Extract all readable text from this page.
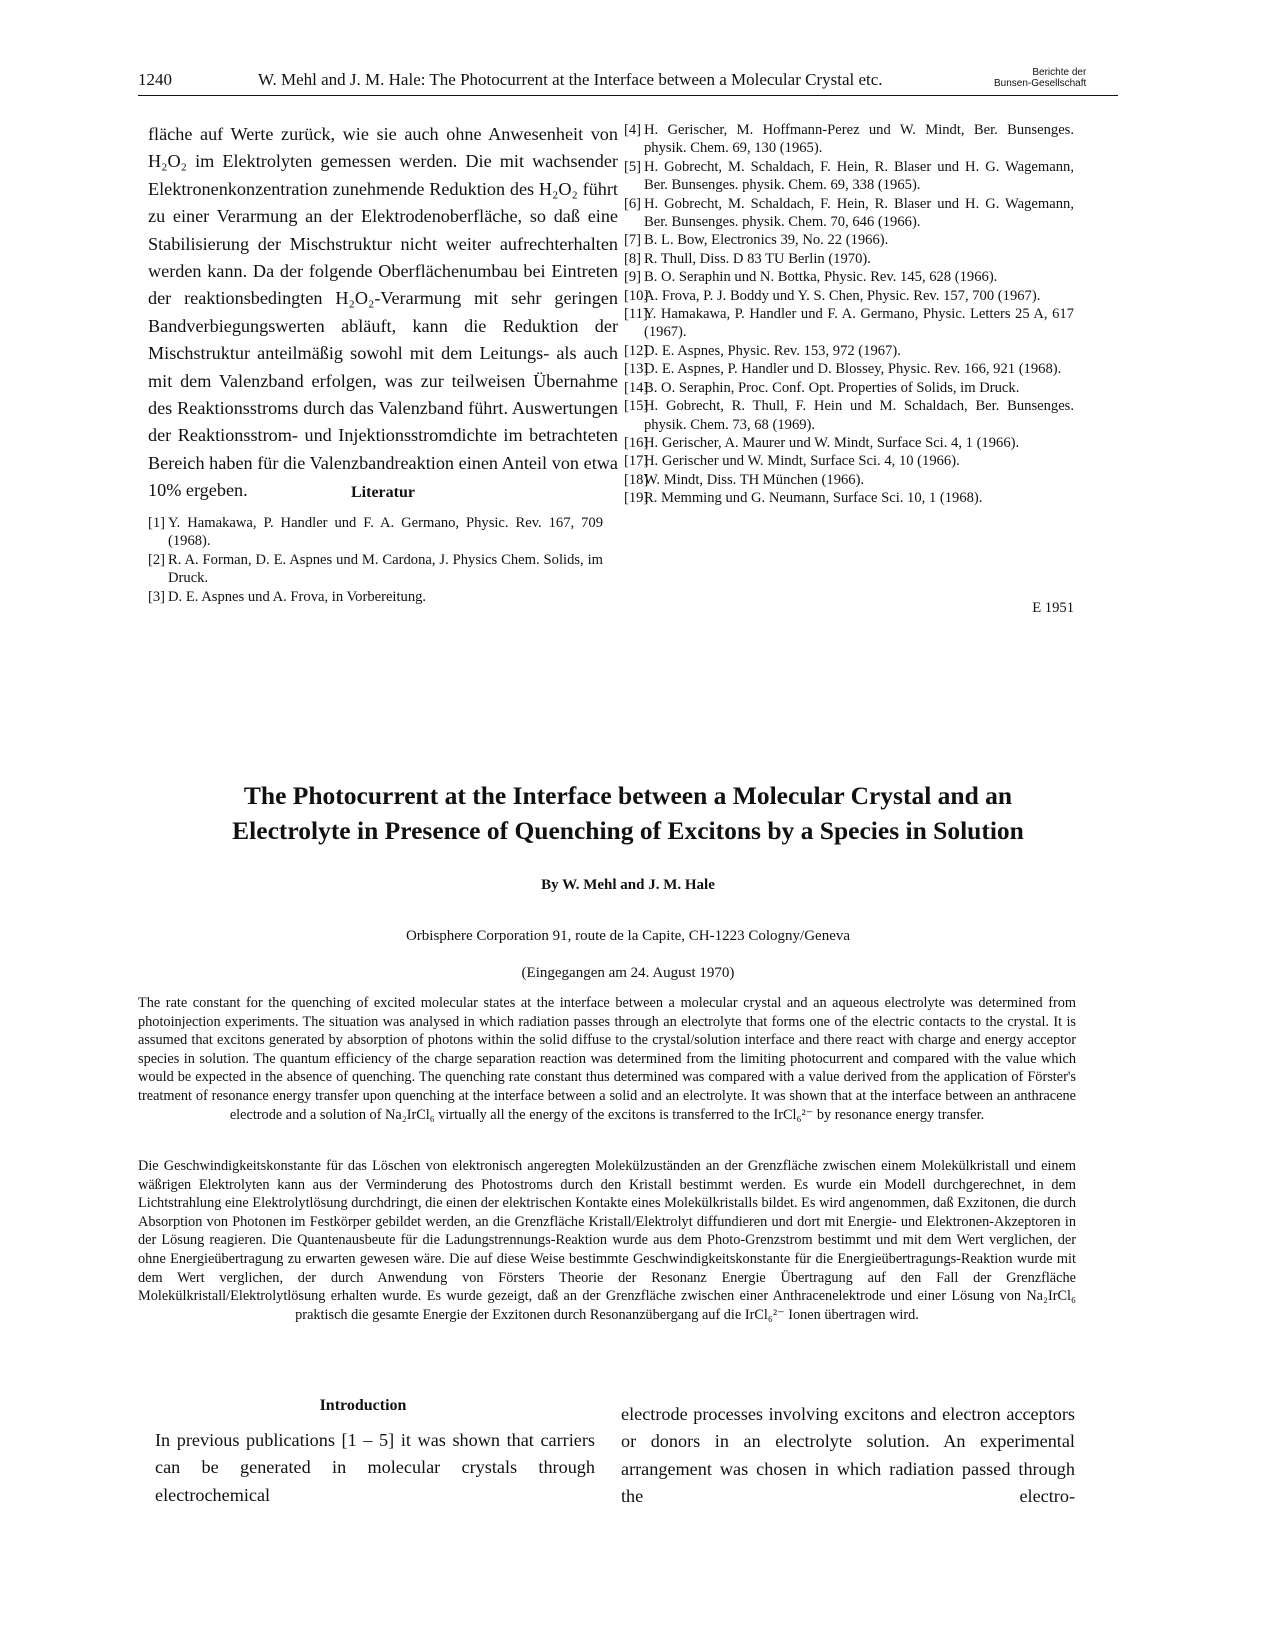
1240	W. Mehl and J. M. Hale: The Photocurrent at the Interface between a Molecular Crystal etc.	Berichte der
Bunsen-Gesellschaft

fläche auf Werte zurück, wie sie auch ohne Anwesenheit von H₂O₂ im Elektrolyten gemessen werden. Die mit wachsender Elektronenkonzentration zunehmende Reduktion des H₂O₂ führt zu einer Verarmung an der Elektrodenoberfläche, so daß eine Stabilisierung der Mischstruktur nicht weiter aufrechterhalten werden kann. Da der folgende Oberflächenumbau bei Eintreten der reaktionsbedingten H₂O₂-Verarmung mit sehr geringen Bandverbiegungswerten abläuft, kann die Reduktion der Mischstruktur anteilmäßig sowohl mit dem Leitungs- als auch mit dem Valenzband erfolgen, was zur teilweisen Übernahme des Reaktionsstroms durch das Valenzband führt. Auswertungen der Reaktionsstrom- und Injektionsstromdichte im betrachteten Bereich haben für die Valenzbandreaktion einen Anteil von etwa 10% ergeben.	Literatur
[1] Y. Hamakawa, P. Handler und F. A. Germano, Physic. Rev. 167, 709 (1968).
[2] R. A. Forman, D. E. Aspnes und M. Cardona, J. Physics Chem. Solids, im Druck.
[3] D. E. Aspnes und A. Frova, in Vorbereitung.
[4] H. Gerischer, M. Hoffmann-Perez und W. Mindt, Ber. Bunsenges. physik. Chem. 69, 130 (1965).
[5] H. Gobrecht, M. Schaldach, F. Hein, R. Blaser und H. G. Wagemann, Ber. Bunsenges. physik. Chem. 69, 338 (1965).
[6] H. Gobrecht, M. Schaldach, F. Hein, R. Blaser und H. G. Wagemann, Ber. Bunsenges. physik. Chem. 70, 646 (1966).
[7] B. L. Bow, Electronics 39, No. 22 (1966).
[8] R. Thull, Diss. D 83 TU Berlin (1970).
[9] B. O. Seraphin und N. Bottka, Physic. Rev. 145, 628 (1966).
[10]
A. Frova, P. J. Boddy und Y. S. Chen, Physic. Rev. 157, 700 (1967).
[11]
Y. Hamakawa, P. Handler und F. A. Germano, Physic. Letters 25 A, 617 (1967).
[12]
D. E. Aspnes, Physic. Rev. 153, 972 (1967).
[13]
D. E. Aspnes, P. Handler und D. Blossey, Physic. Rev. 166, 921 (1968).
[14]
B. O. Seraphin, Proc. Conf. Opt. Properties of Solids, im Druck.
[15]
H. Gobrecht, R. Thull, F. Hein und M. Schaldach, Ber. Bunsenges. physik. Chem. 73, 68 (1969).
[16]
H. Gerischer, A. Maurer und W. Mindt, Surface Sci. 4, 1 (1966).
[17]
H. Gerischer und W. Mindt, Surface Sci. 4, 10 (1966).
[18]
W. Mindt, Diss. TH München (1966).
[19]
R. Memming und G. Neumann, Surface Sci. 10, 1 (1968).
E 1951
The Photocurrent at the Interface between a Molecular Crystal and an
Electrolyte in Presence of Quenching of Excitons by a Species in Solution
By W. Mehl and J. M. Hale
Orbisphere Corporation 91, route de la Capite, CH-1223 Cologny/Geneva
(Eingegangen am 24. August 1970)

The rate constant for the quenching of excited molecular states at the interface between a molecular crystal and an aqueous electrolyte was determined from photoinjection experiments. The situation was analysed in which radiation passes through an electrolyte that forms one of the electric contacts to the crystal. It is assumed that excitons generated by absorption of photons within the solid diffuse to the crystal/solution interface and there react with charge and energy acceptor species in solution. The quantum efficiency of the charge separation reaction was determined from the limiting photocurrent and compared with the value which would be expected in the absence of quenching. The quenching rate constant thus determined was compared with a value derived from the application of Förster's treatment of resonance energy transfer upon quenching at the interface between a solid and an electrolyte. It was shown that at the interface between an anthracene electrode and a solution of Na₂IrCl₆ virtually all the energy of the excitons is transferred to the IrCl₆²⁻ by resonance energy transfer.

Die Geschwindigkeitskonstante für das Löschen von elektronisch angeregten Molekülzuständen an der Grenzfläche zwischen einem Molekülkristall und einem wäßrigen Elektrolyten kann aus der Verminderung des Photostroms durch den Kristall bestimmt werden. Es wurde ein Modell durchgerechnet, in dem Lichtstrahlung eine Elektrolytlösung durchdringt, die einen der elektrischen Kontakte eines Molekülkristalls bildet. Es wird angenommen, daß Exzitonen, die durch Absorption von Photonen im Festkörper gebildet werden, an die Grenzfläche Kristall/Elektrolyt diffundieren und dort mit Energie- und Elektronen-Akzeptoren in der Lösung reagieren. Die Quantenausbeute für die Ladungstrennungs-Reaktion wurde aus dem Photo-Grenzstrom bestimmt und mit dem Wert verglichen, der ohne Energieübertragung zu erwarten gewesen wäre. Die auf diese Weise bestimmte Geschwindigkeitskonstante für die Energieübertragungs-Reaktion wurde mit dem Wert verglichen, der durch Anwendung von Försters Theorie der Resonanz Energie Übertragung auf den Fall der Grenzfläche Molekülkristall/Elektrolytlösung erhalten wurde. Es wurde gezeigt, daß an der Grenzfläche zwischen einer Anthracenelektrode und einer Lösung von Na₂IrCl₆ praktisch die gesamte Energie der Exzitonen durch Resonanzübergang auf die IrCl₆²⁻ Ionen übertragen wird.

Introduction

In previous publications [1 – 5] it was shown that carriers can be generated in molecular crystals through electrochemical

electrode processes involving excitons and electron acceptors or donors in an electrolyte solution. An experimental arrangement was chosen in which radiation passed through the electro-
